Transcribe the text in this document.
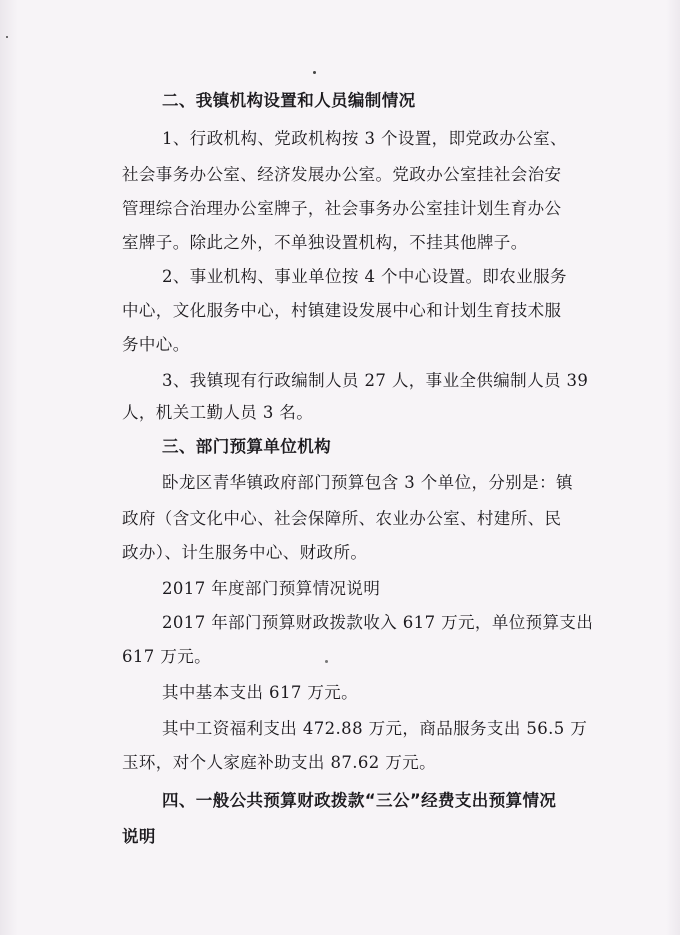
二、我镇机构设置和人员编制情况
1、行政机构、党政机构按 3 个设置，即党政办公室、
社会事务办公室、经济发展办公室。党政办公室挂社会治安
管理综合治理办公室牌子，社会事务办公室挂计划生育办公
室牌子。除此之外，不单独设置机构，不挂其他牌子。
2、事业机构、事业单位按 4 个中心设置。即农业服务
中心，文化服务中心，村镇建设发展中心和计划生育技术服
务中心。
3、我镇现有行政编制人员 27 人，事业全供编制人员 39
人，机关工勤人员 3 名。
三、部门预算单位机构
卧龙区青华镇政府部门预算包含 3 个单位，分别是：镇
政府（含文化中心、社会保障所、农业办公室、村建所、民
政办）、计生服务中心、财政所。
2017 年度部门预算情况说明
2017 年部门预算财政拨款收入 617 万元，单位预算支出
617 万元。
其中基本支出 617 万元。
其中工资福利支出 472.88 万元，商品服务支出 56.5 万
玉环，对个人家庭补助支出 87.62 万元。
四、一般公共预算财政拨款“三公”经费支出预算情况
说明
